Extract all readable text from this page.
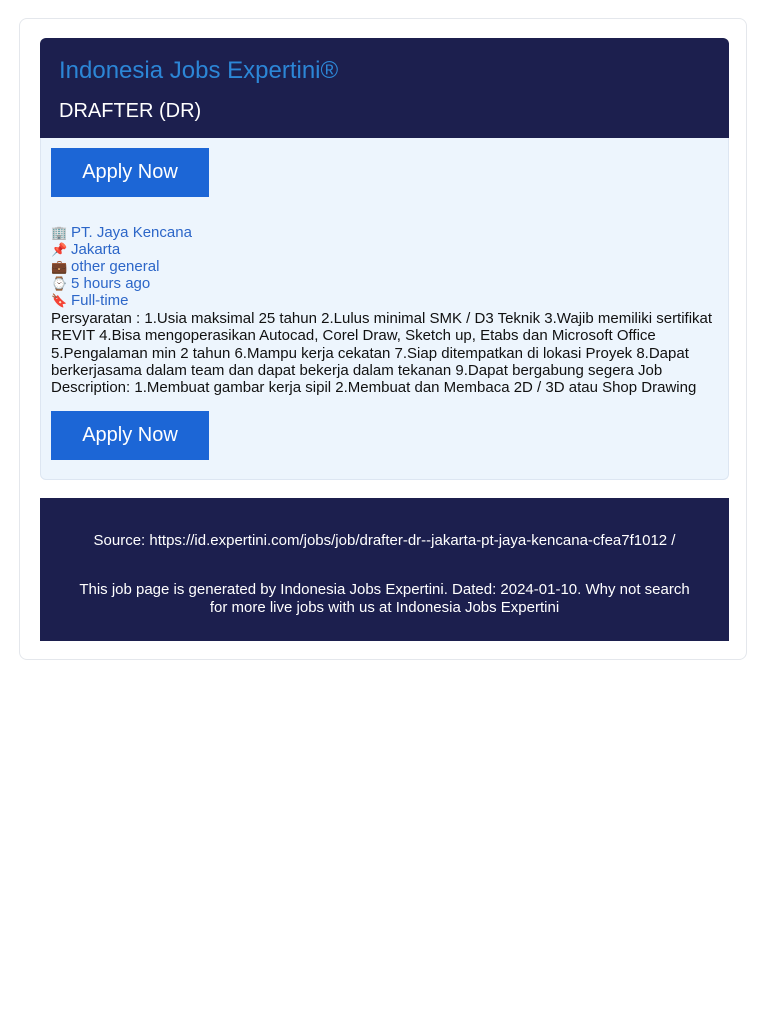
Indonesia Jobs Expertini®
DRAFTER (DR)
Apply Now
🏢 PT. Jaya Kencana
📌 Jakarta
💼 other general
⌚ 5 hours ago
🔖 Full-time

Persyaratan : 1.Usia maksimal 25 tahun 2.Lulus minimal SMK / D3 Teknik 3.Wajib memiliki sertifikat REVIT 4.Bisa mengoperasikan Autocad, Corel Draw, Sketch up, Etabs dan Microsoft Office 5.Pengalaman min 2 tahun 6.Mampu kerja cekatan 7.Siap ditempatkan di lokasi Proyek 8.Dapat berkerjasama dalam team dan dapat bekerja dalam tekanan 9.Dapat bergabung segera Job Description: 1.Membuat gambar kerja sipil 2.Membuat dan Membaca 2D / 3D atau Shop Drawing

Apply Now

Source: https://id.expertini.com/jobs/job/drafter-dr--jakarta-pt-jaya-kencana-cfea7f1012 /

This job page is generated by Indonesia Jobs Expertini. Dated: 2024-01-10. Why not search for more live jobs with us at Indonesia Jobs Expertini
